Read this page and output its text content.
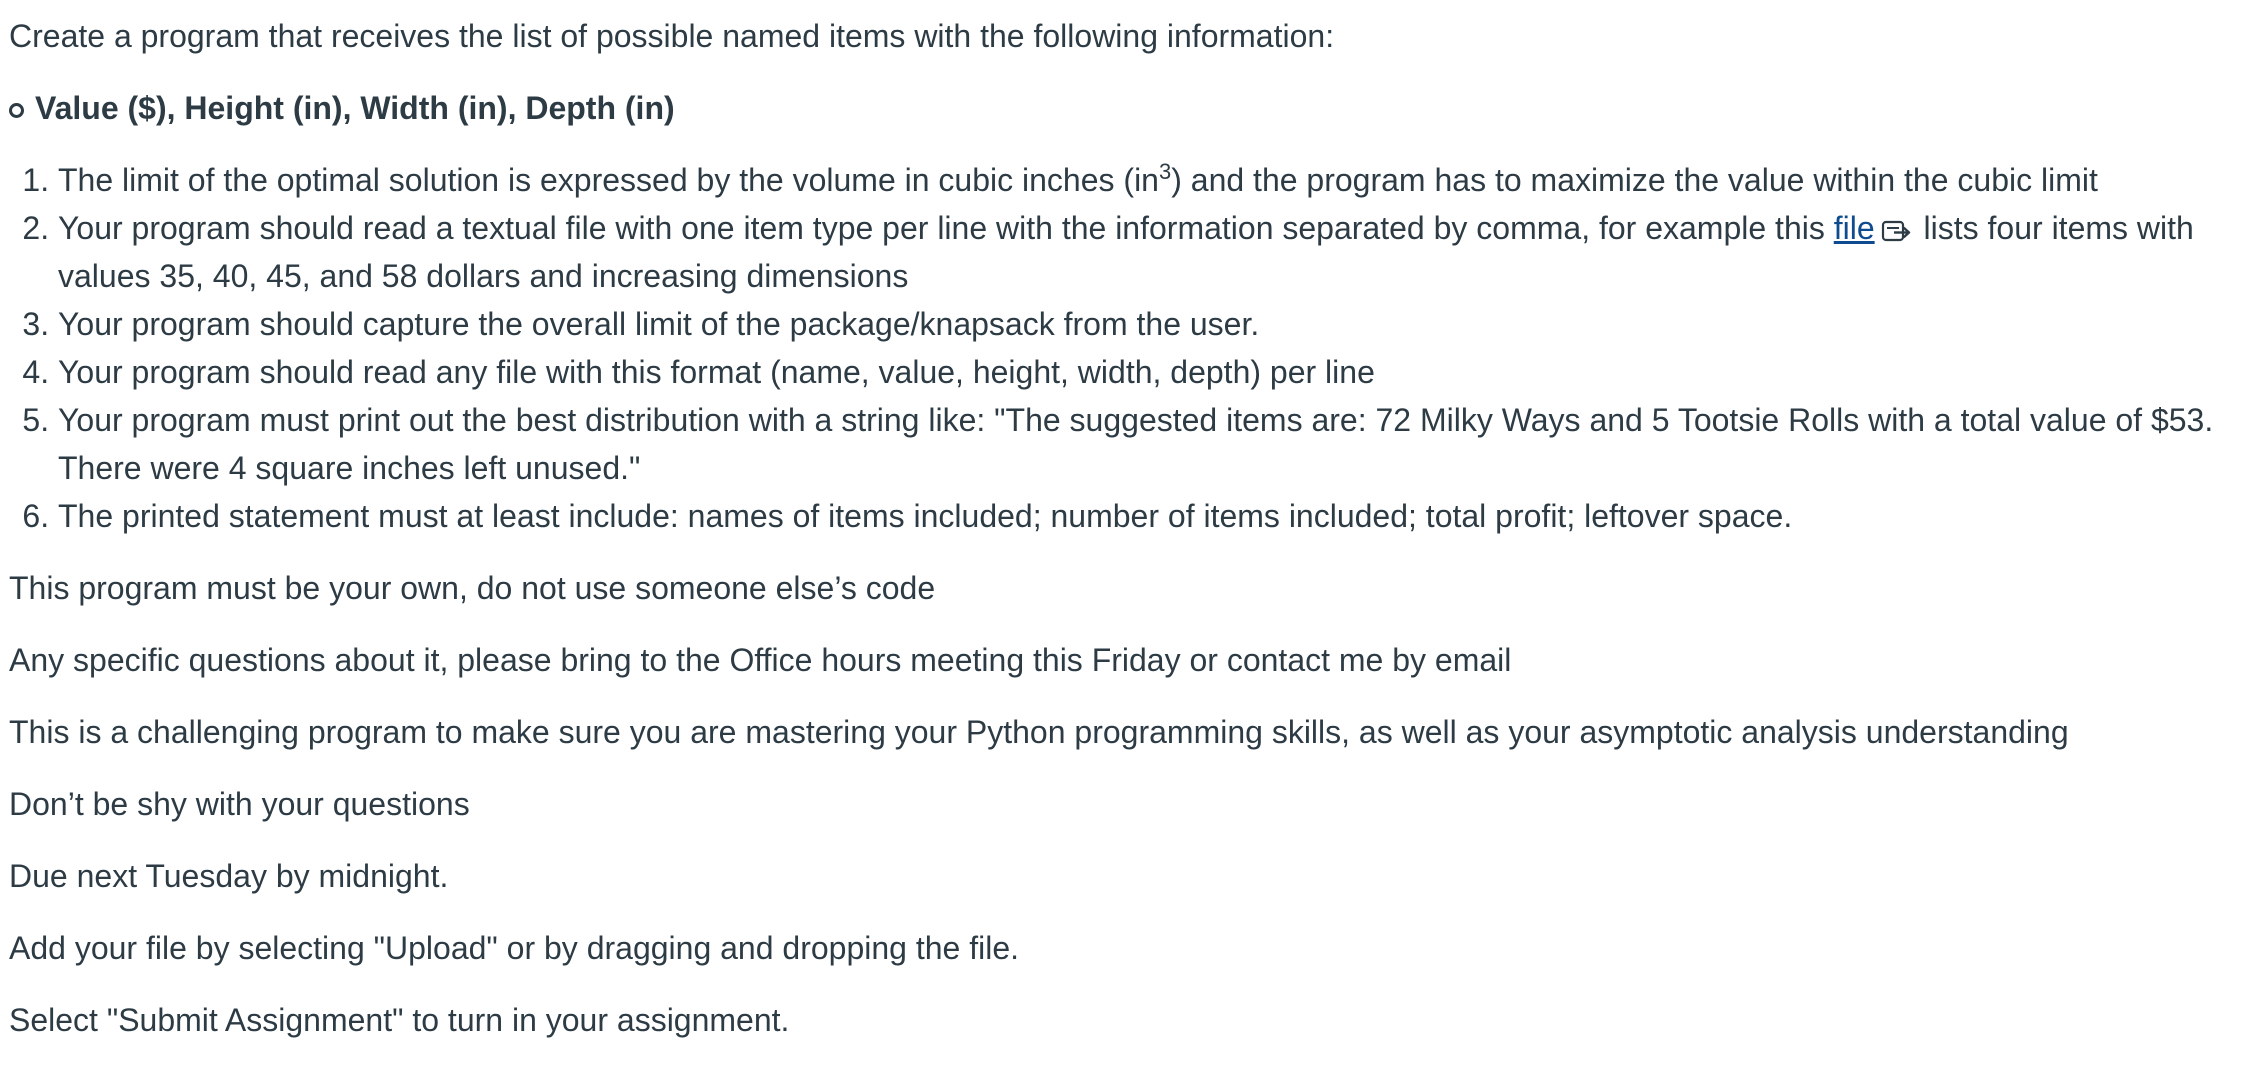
Create a program that receives the list of possible named items with the following information:

Value ($), Height (in), Width (in), Depth (in)
1. The limit of the optimal solution is expressed by the volume in cubic inches $(in^3)$ and the program has to maximize the value within the cubic limit
2. Your program should read a textual file with one item type per line with the information separated by comma, for example this file
lists four items with values 35, 40, 45, and 58 dollars and increasing dimensions
3. Your program should capture the overall limit of the package/knapsack from the user.
4. Your program should read any file with this format (name, value, height, width, depth) per line
5. Your program must print out the best distribution with a string like: "The suggested items are: 72 Milky Ways and 5 Tootsie Rolls with a total value of $53. There were 4 square inches left unused."
6. The printed statement must at least include: names of items included; number of items included; total profit; leftover space.

This program must be your own, do not use someone else’s code

Any specific questions about it, please bring to the Office hours meeting this Friday or contact me by email

This is a challenging program to make sure you are mastering your Python programming skills, as well as your asymptotic analysis understanding

Don’t be shy with your questions

Due next Tuesday by midnight.

Add your file by selecting "Upload" or by dragging and dropping the file.

Select "Submit Assignment" to turn in your assignment.
